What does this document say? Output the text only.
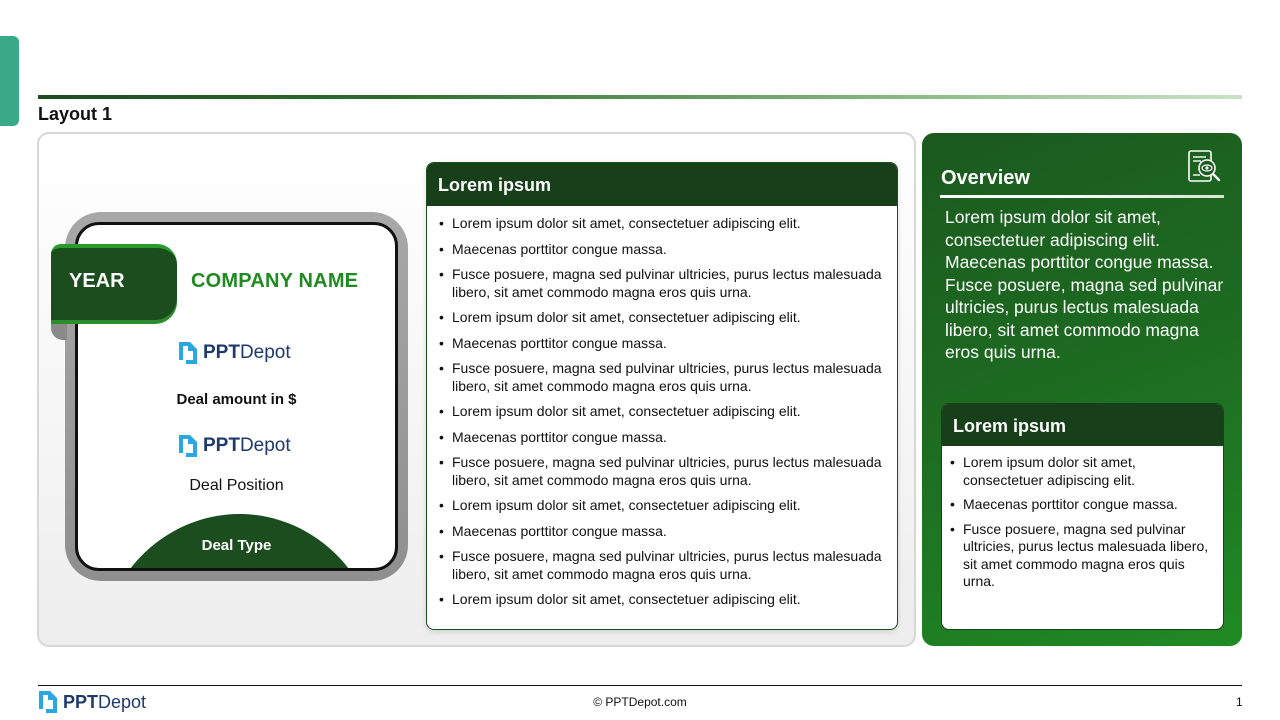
Layout 1
Deal Type
YEAR	COMPANY NAME
PPTDepot
Deal amount in $
PPTDepot
Deal Position
Lorem ipsum
• Lorem ipsum dolor sit amet, consectetuer adipiscing elit.
• Maecenas porttitor congue massa.
• Fusce posuere, magna sed pulvinar ultricies, purus lectus malesuada libero, sit amet commodo magna eros quis urna.
• Lorem ipsum dolor sit amet, consectetuer adipiscing elit.
• Maecenas porttitor congue massa.
• Fusce posuere, magna sed pulvinar ultricies, purus lectus malesuada libero, sit amet commodo magna eros quis urna.
• Lorem ipsum dolor sit amet, consectetuer adipiscing elit.
• Maecenas porttitor congue massa.
• Fusce posuere, magna sed pulvinar ultricies, purus lectus malesuada libero, sit amet commodo magna eros quis urna.
• Lorem ipsum dolor sit amet, consectetuer adipiscing elit.
• Maecenas porttitor congue massa.
• Fusce posuere, magna sed pulvinar ultricies, purus lectus malesuada libero, sit amet commodo magna eros quis urna.
• Lorem ipsum dolor sit amet, consectetuer adipiscing elit.
Overview
Lorem ipsum dolor sit amet, consectetuer adipiscing elit. Maecenas porttitor congue massa. Fusce posuere, magna sed pulvinar ultricies, purus lectus malesuada libero, sit amet commodo magna eros quis urna.
Lorem ipsum
• Lorem ipsum dolor sit amet, consectetuer adipiscing elit.
• Maecenas porttitor congue massa.
• Fusce posuere, magna sed pulvinar ultricies, purus lectus malesuada libero, sit amet commodo magna eros quis urna.
PPTDepot	© PPTDepot.com	1
